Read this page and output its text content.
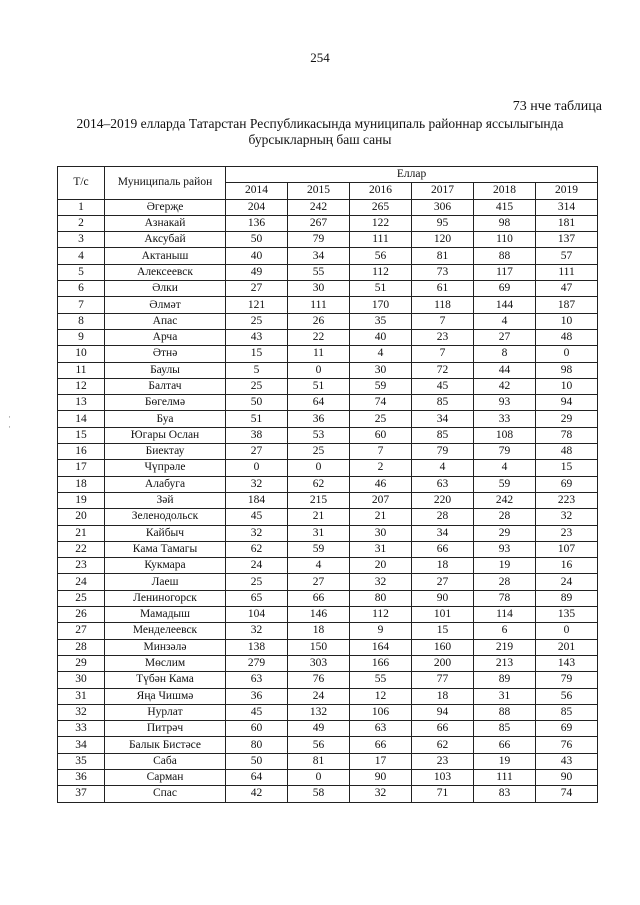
254
73 нче таблица
2014–2019 елларда Татарстан Республикасында муниципаль районнар яссылыгында
бурсыкларның баш саны
·
·
Т/с	Муниципаль район	Еллар					
		2014	2015	2016	2017	2018	2019
1	Әгерҗе	204	242	265	306	415	314
2	Азнакай	136	267	122	95	98	181
3	Аксубай	50	79	111	120	110	137
4	Актаныш	40	34	56	81	88	57
5	Алексеевск	49	55	112	73	117	111
6	Әлки	27	30	51	61	69	47
7	Әлмәт	121	111	170	118	144	187
8	Апас	25	26	35	7	4	10
9	Арча	43	22	40	23	27	48
10	Әтнә	15	11	4	7	8	0
11	Баулы	5	0	30	72	44	98
12	Балтач	25	51	59	45	42	10
13	Бөгелмә	50	64	74	85	93	94
14	Буа	51	36	25	34	33	29
15	Югары Ослан	38	53	60	85	108	78
16	Биектау	27	25	7	79	79	48
17	Чүпрәле	0	0	2	4	4	15
18	Алабуга	32	62	46	63	59	69
19	Зәй	184	215	207	220	242	223
20	Зеленодольск	45	21	21	28	28	32
21	Кайбыч	32	31	30	34	29	23
22	Кама Тамагы	62	59	31	66	93	107
23	Кукмара	24	4	20	18	19	16
24	Лаеш	25	27	32	27	28	24
25	Лениногорск	65	66	80	90	78	89
26	Мамадыш	104	146	112	101	114	135
27	Менделеевск	32	18	9	15	6	0
28	Минзәлә	138	150	164	160	219	201
29	Мөслим	279	303	166	200	213	143
30	Түбән Кама	63	76	55	77	89	79
31	Яңа Чишмә	36	24	12	18	31	56
32	Нурлат	45	132	106	94	88	85
33	Питрәч	60	49	63	66	85	69
34	Балык Бистәсе	80	56	66	62	66	76
35	Саба	50	81	17	23	19	43
36	Сарман	64	0	90	103	111	90
37	Спас	42	58	32	71	83	74
